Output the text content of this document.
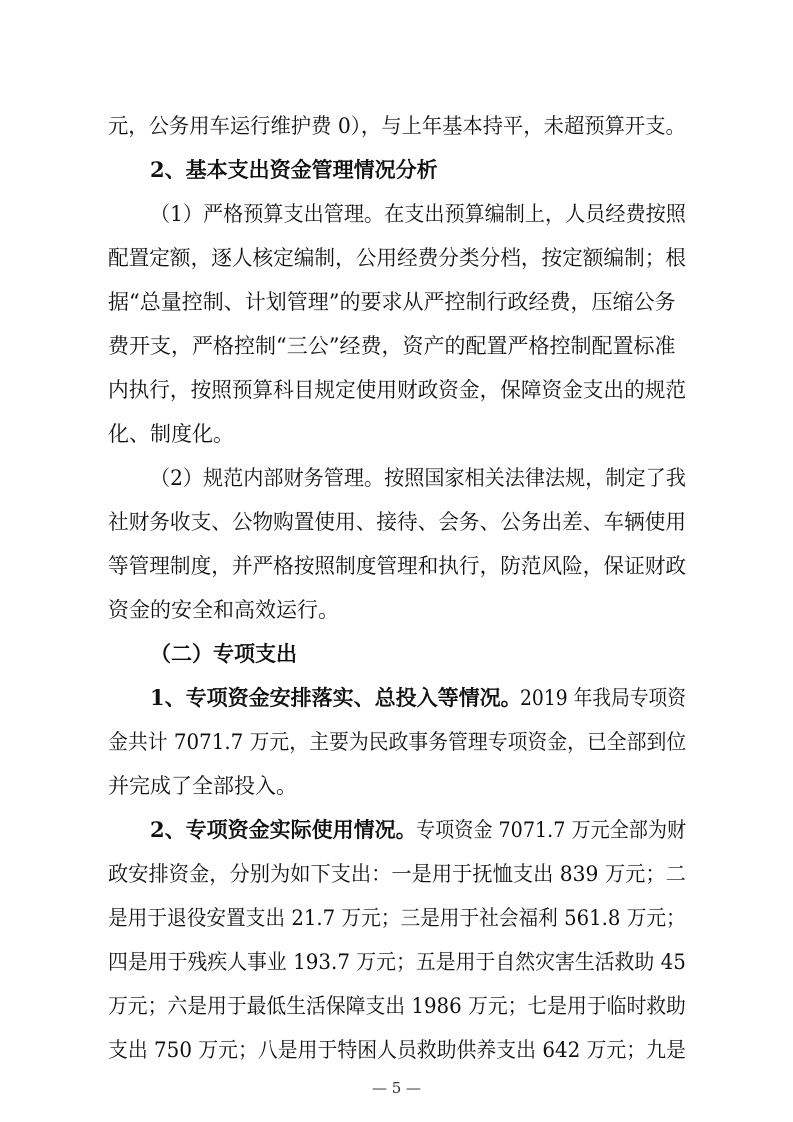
元，公务用车运行维护费 0），与上年基本持平，未超预算开支。
2、基本支出资金管理情况分析
（1）严格预算支出管理。在支出预算编制上，人员经费按照
配置定额，逐人核定编制，公用经费分类分档，按定额编制；根
据“总量控制、计划管理”的要求从严控制行政经费，压缩公务
费开支，严格控制“三公”经费，资产的配置严格控制配置标准
内执行，按照预算科目规定使用财政资金，保障资金支出的规范
化、制度化。
（2）规范内部财务管理。按照国家相关法律法规，制定了我
社财务收支、公物购置使用、接待、会务、公务出差、车辆使用
等管理制度，并严格按照制度管理和执行，防范风险，保证财政
资金的安全和高效运行。
（二）专项支出
1、专项资金安排落实、总投入等情况。
2019 年我局专项资
金共计 7071.7 万元，主要为民政事务管理专项资金，已全部到位
并完成了全部投入。
2、专项资金实际使用情况。 专项资金 7071.7 万元全部为财
政安排资金，分别为如下支出：一是用于抚恤支出 839 万元；二
是用于退役安置支出 21.7 万元；三是用于社会福利 561.8 万元；
四是用于残疾人事业 193.7 万元；五是用于自然灾害生活救助 45
万元；六是用于最低生活保障支出 1986 万元；七是用于临时救助
支出 750 万元；八是用于特困人员救助供养支出 642 万元；九是
— 5 —
